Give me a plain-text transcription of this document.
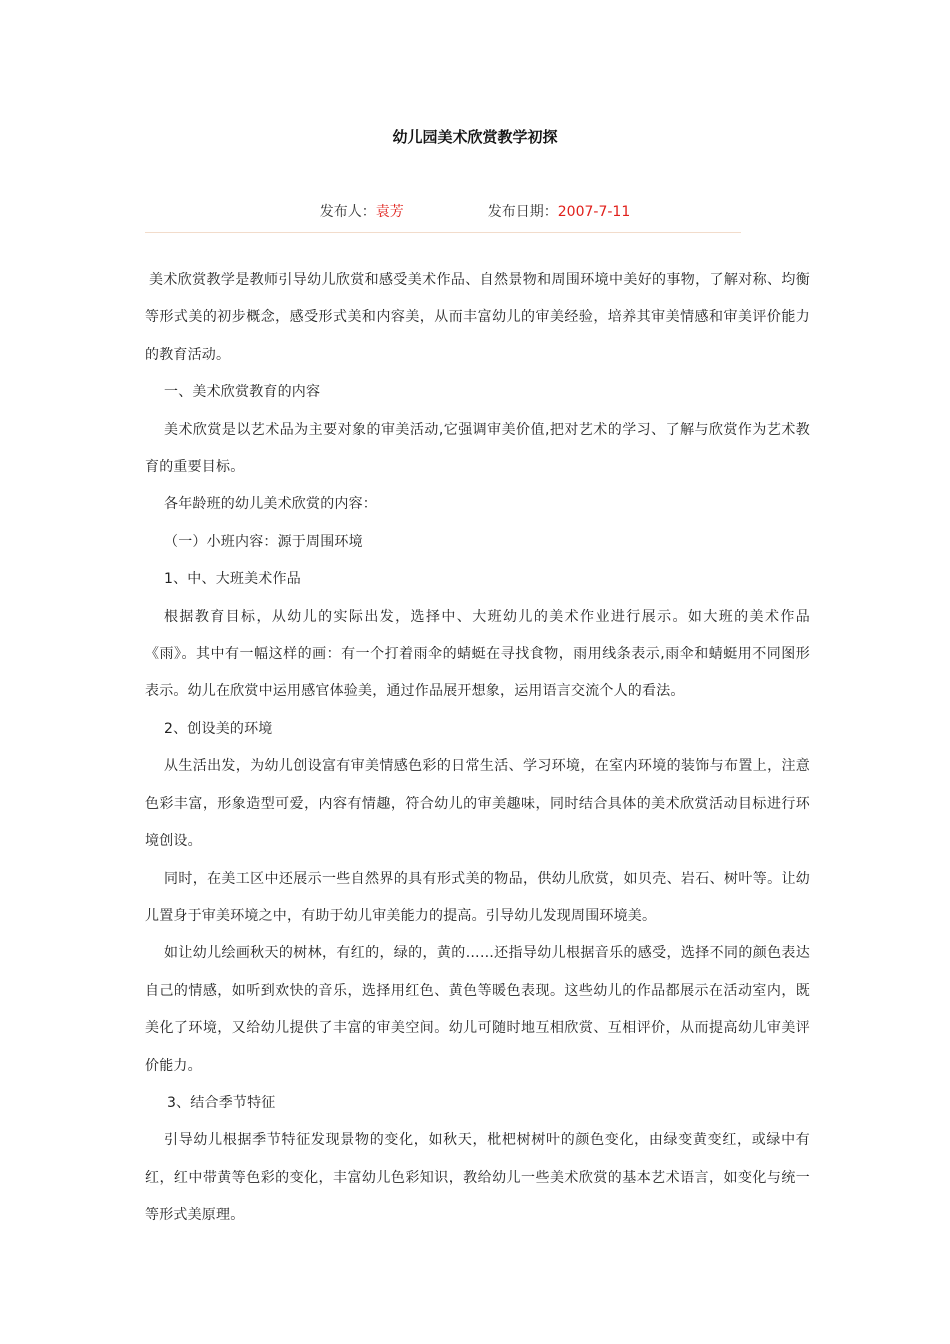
幼儿园美术欣赏教学初探
发布人：袁芳	发布日期：2007-7-11

美术欣赏教学是教师引导幼儿欣赏和感受美术作品、自然景物和周围环境中美好的事物，了解对称、均衡等形式美的初步概念，感受形式美和内容美，从而丰富幼儿的审美经验，培养其审美情感和审美评价能力的教育活动。

一、美术欣赏教育的内容

美术欣赏是以艺术品为主要对象的审美活动,它强调审美价值,把对艺术的学习、了解与欣赏作为艺术教育的重要目标。

各年龄班的幼儿美术欣赏的内容：

（一）小班内容：源于周围环境

1、中、大班美术作品

根据教育目标，从幼儿的实际出发，选择中、大班幼儿的美术作业进行展示。如大班的美术作品《雨》。其中有一幅这样的画：有一个打着雨伞的蜻蜓在寻找食物，雨用线条表示,雨伞和蜻蜓用不同图形表示。幼儿在欣赏中运用感官体验美，通过作品展开想象，运用语言交流个人的看法。

2、创设美的环境

从生活出发，为幼儿创设富有审美情感色彩的日常生活、学习环境，在室内环境的装饰与布置上，注意色彩丰富，形象造型可爱，内容有情趣，符合幼儿的审美趣味，同时结合具体的美术欣赏活动目标进行环境创设。

同时，在美工区中还展示一些自然界的具有形式美的物品，供幼儿欣赏，如贝壳、岩石、树叶等。让幼儿置身于审美环境之中，有助于幼儿审美能力的提高。引导幼儿发现周围环境美。

如让幼儿绘画秋天的树林，有红的，绿的，黄的……还指导幼儿根据音乐的感受，选择不同的颜色表达自己的情感，如听到欢快的音乐，选择用红色、黄色等暖色表现。这些幼儿的作品都展示在活动室内，既美化了环境，又给幼儿提供了丰富的审美空间。幼儿可随时地互相欣赏、互相评价，从而提高幼儿审美评价能力。

3、结合季节特征

引导幼儿根据季节特征发现景物的变化，如秋天，枇杷树树叶的颜色变化，由绿变黄变红，或绿中有红，红中带黄等色彩的变化，丰富幼儿色彩知识，教给幼儿一些美术欣赏的基本艺术语言，如变化与统一等形式美原理。
